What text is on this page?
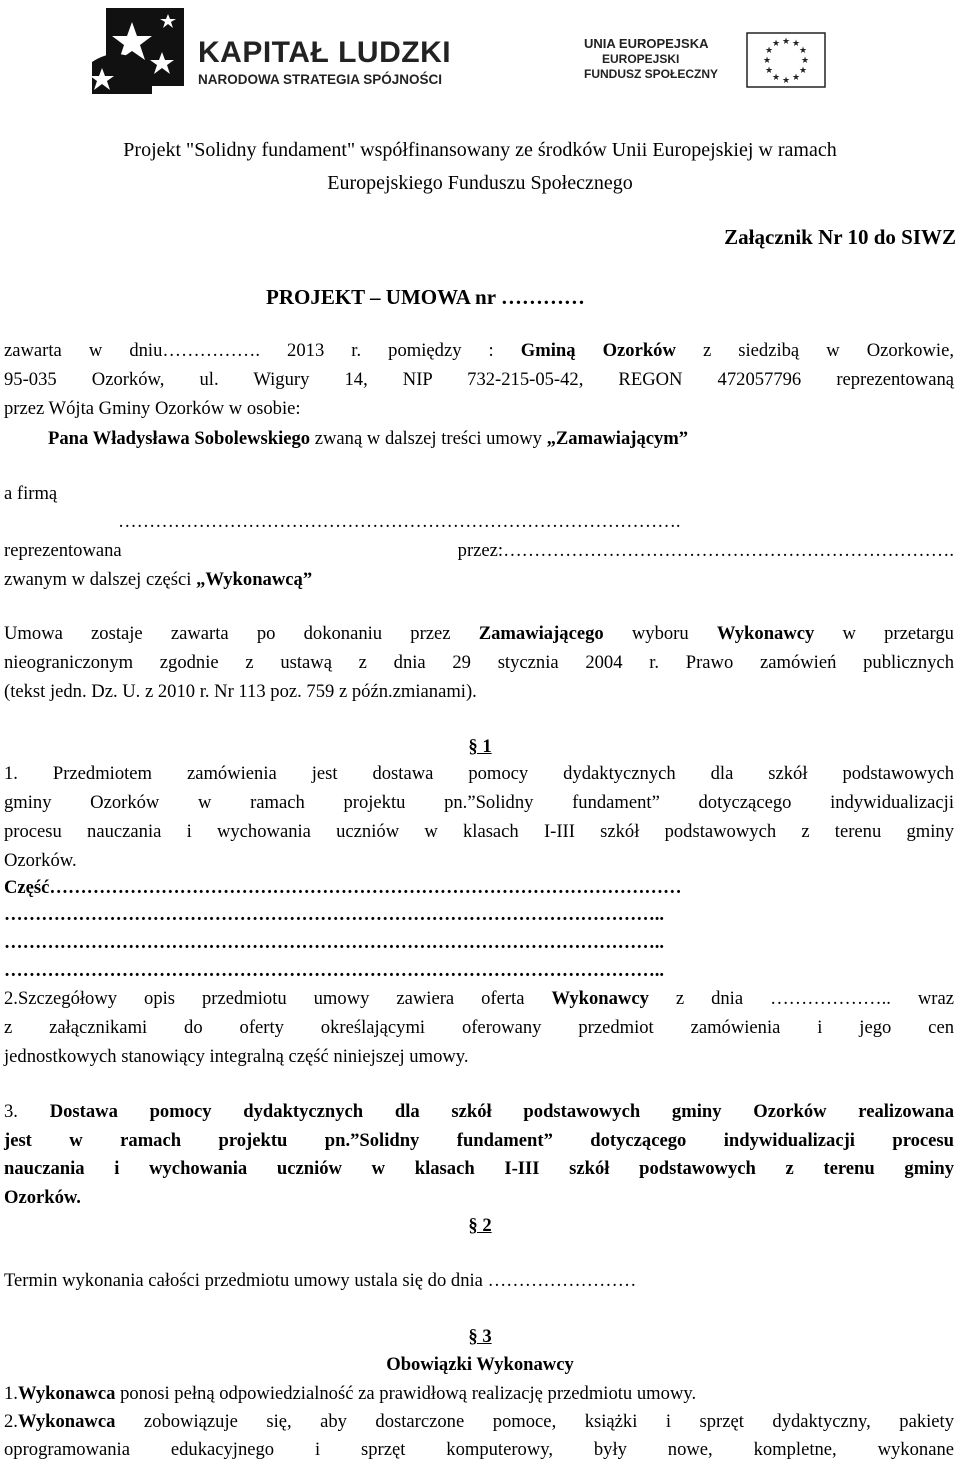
KAPITAŁ LUDZKI
NARODOWA STRATEGIA SPÓJNOŚCI
UNIA EUROPEJSKA
EUROPEJSKI
FUNDUSZ SPOŁECZNY
★ ★
★
★
★
★
★
★
★
★
★
★
Projekt "Solidny fundament" współfinansowany ze środków Unii Europejskiej w ramach
Europejskiego Funduszu Społecznego
Załącznik Nr 10 do SIWZ
PROJEKT – UMOWA nr …………
zawarta w dniu……………. 2013 r. pomiędzy : Gminą Ozorków z siedzibą w Ozorkowie,
95-035 Ozorków, ul. Wigury 14, NIP 732-215-05-42, REGON 472057796 reprezentowaną
przez Wójta Gminy Ozorków w osobie:
Pana Władysława Sobolewskiego zwaną w dalszej treści umowy „Zamawiającym”
a firmą
……………………………………………………………………………….
reprezentowana przez:……………………………………………………………….
zwanym w dalszej części „Wykonawcą”
Umowa zostaje zawarta po dokonaniu przez Zamawiającego wyboru Wykonawcy w przetargu
nieograniczonym zgodnie z ustawą z dnia 29 stycznia 2004 r. Prawo zamówień publicznych
(tekst jedn. Dz. U. z 2010 r. Nr 113 poz. 759 z późn.zmianami).
§ 1
1. Przedmiotem zamówienia jest dostawa pomocy dydaktycznych dla szkół podstawowych
gminy Ozorków w ramach projektu pn.”Solidny fundament” dotyczącego indywidualizacji
procesu nauczania i wychowania uczniów w klasach I-III szkół podstawowych z terenu gminy
Ozorków.
Część…………………………………………………………………………………………
……………………………………………………………………………………………..
……………………………………………………………………………………………..
……………………………………………………………………………………………..
2.Szczegółowy opis przedmiotu umowy zawiera oferta Wykonawcy z dnia ……………….. wraz
z załącznikami do oferty określającymi oferowany przedmiot zamówienia i jego cen
jednostkowych stanowiący integralną część niniejszej umowy.
3. Dostawa pomocy dydaktycznych dla szkół podstawowych gminy Ozorków realizowana
jest w ramach projektu pn.”Solidny fundament” dotyczącego indywidualizacji procesu
nauczania i wychowania uczniów w klasach I-III szkół podstawowych z terenu gminy
Ozorków.
§ 2
Termin wykonania całości przedmiotu umowy ustala się do dnia ……………………
§ 3
Obowiązki Wykonawcy
1.Wykonawca ponosi pełną odpowiedzialność za prawidłową realizację przedmiotu umowy.
2.Wykonawca zobowiązuje się, aby dostarczone pomoce, książki i sprzęt dydaktyczny, pakiety
oprogramowania edukacyjnego i sprzęt komputerowy, były nowe, kompletne, wykonane
